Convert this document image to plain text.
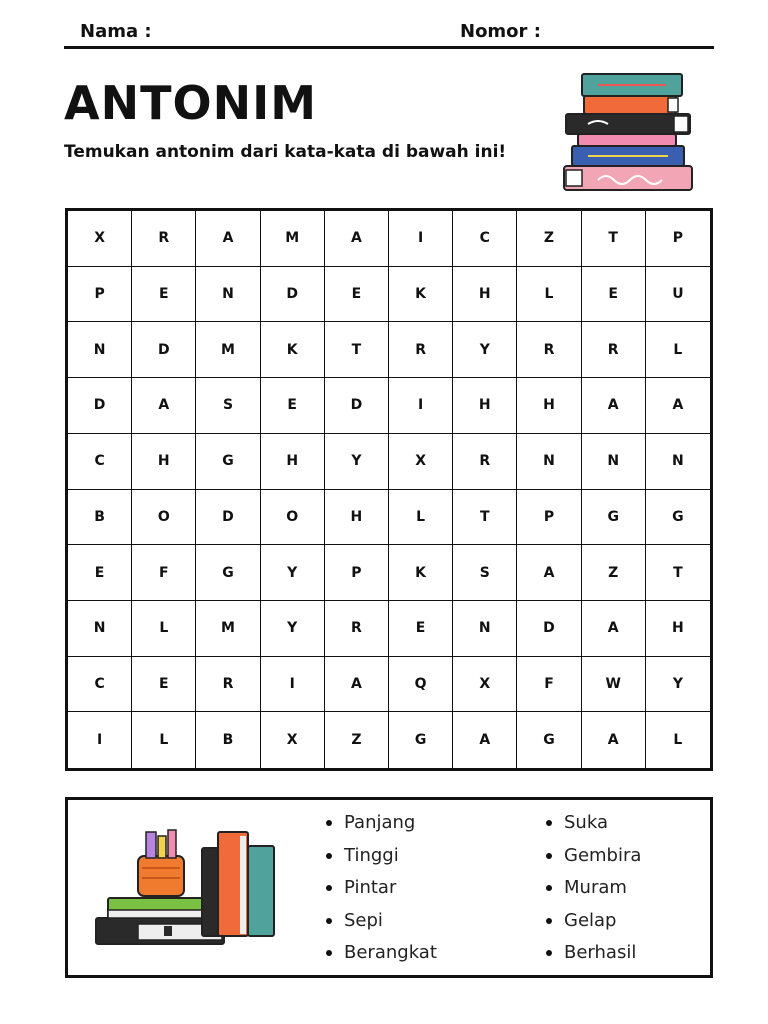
Nama :	Nomor :
ANTONIM

Temukan antonim dari kata-kata di bawah ini!

X	R	A	M	A	I	C	Z	T	P
P	E	N	D	E	K	H	L	E	U
N	D	M	K	T	R	Y	R	R	L
D	A	S	E	D	I	H	H	A	A
C	H	G	H	Y	X	R	N	N	N
B	O	D	O	H	L	T	P	G	G
E	F	G	Y	P	K	S	A	Z	T
N	L	M	Y	R	E	N	D	A	H
C	E	R	I	A	Q	X	F	W	Y
I	L	B	X	Z	G	A	G	A	L
Panjang
Tinggi
Pintar
Sepi
Berangkat
Suka
Gembira
Muram
Gelap
Berhasil
